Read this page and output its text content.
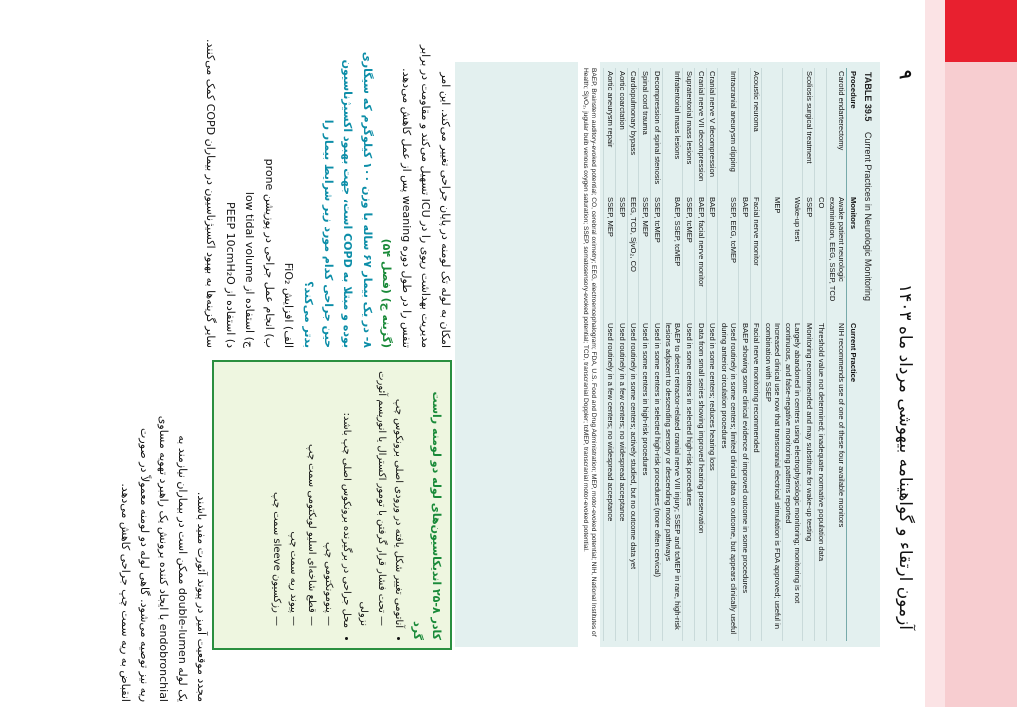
آزمون ارتقاء و گواهینامه بیهوشی مرداد ماه ۱۴۰۳
۹
TABLE 39.5 Current Practices in Neurologic Monitoring
Procedure	Monitors	Current Practice
Carotid endarterectomy	Awake patient neurologic examination, EEG, SSEP, TCD	NIH recommends use of one of these four available monitors
	CO	Threshold value not determined; inadequate normative population data
Scoliosis surgical treatment	SSEP	Monitoring recommended and may substitute for wake-up testing
	Wake-up test	Largely abandoned in centers using electrophysiologic monitoring; monitoring is not continuous, and false-negative monitoring patterns reported
	MEP	Increased clinical use now that transcranial electrical stimulation is FDA approved; useful in combination with SSEP
Acoustic neuroma	Facial nerve monitor	Facial nerve monitoring recommended
	BAEP	BAEP showing some clinical evidence of improved outcome in some procedures
Intracranial aneurysm clipping	SSEP, EEG, tcMEP	Used routinely in some centers; limited clinical data on outcome, but appears clinically useful during anterior circulation procedures
Cranial nerve V decompression	BAEP	Used in some centers; reduces hearing loss
Cranial nerve VII decompression	BAEP, facial nerve monitor	Data from small series showing improved hearing preservation
Supratentorial mass lesions	SSEP, tcMEP	Used in some centers in selected high-risk procedures
Infratentorial mass lesions	BAEP, SSEP, tcMEP	BAEP to detect retractor-related cranial nerve VIII injury; SSEP and tcMEP in rare, high-risk lesions adjacent to descending sensory or descending motor pathways
Decompression of spinal stenosis	SSEP, tcMEP	Used in some centers in selected high-risk procedures (more often cervical)
Spinal cord trauma	SSEP, MEP	Used in some centers in high-risk procedures
Cardiopulmonary bypass	EEG, TCD, SjvO₂, CO	Used routinely in some centers; actively studied, but no outcome data yet
Aortic coarctation	SSEP	Used routinely in a few centers; no widespread acceptance
Aortic aneurysm repair	SSEP, MEP	Used routinely in a few centers; no widespread acceptance
BAEP, Brainstem auditory-evoked potential; CO, cerebral oximetry; EEG, electroencephalogram; FDA, U.S. Food and Drug Administration; MEP, motor-evoked potential; NIH, National Institutes of Health; SjvO₂, jugular bulb venous oxygen saturation; SSEP, somatosensory-evoked potential; TCD, transcranial Doppler; tcMEP, transcranial motor-evoked potential.
کادر ۸-۲۵ اندیکاسیون‌های لوله دو لومنه راست گرد
• آناتومی تغییر شکل یافته در ورودی اصلی برونکوس چپ
— تحت فشار قرار گرفتن با تومور اکسترال یا انوریسم آئورت نزولی
• محل جراحی در برگیرنده برونکوس اصلی چپ باشد:
— پنومونکتومی چپ
— قطع شاخه‌ای اسلیو لوبکتومی سمت چپ
— پیوند ریه سمت چپ
— رزکسیون sleeve سمت چپ
مجدد موقعیت آمیز در پیوند آئورت مفید باشند.
یک لوله double-lumen ممکن است در بیماران نیازمند به
endobronchial با ایجاد کننده برونش یک راهبرد تهویه مساوی
ریه نیز توصیه می‌شود. گاهی لوله دو لومنه معمولاً در صورت
انقباض به ریه سمت چپ جراحی کاهش می‌دهد.
امکان به لوله تک لومنه در پایان جراحی تغییر می‌کند. این امر
مدیریت بهداشت ریوی را در ICU تسهیل می‌کند و مقاومت در برابر
تنفس را در طول دوره weaning پس از عمل کاهش می‌دهد.
(گزینه ج) (فصل ۵۴)
۸- در یک بیمار ۶۷ ساله با وزن ۱۰۰ کیلوگرم که سیگاری
بوده و مبتلا به COPD است، جهت بهبود اکسیژناسیون
حین جراحی کدام مورد زیر شرایط بیمار را
بدتر می‌کند؟
الف) افزایش FiO₂
ب) انجام عمل جراحی در پوزیشن prone
ج) استفاده از low tidal volume
د) استفاده از PEEP 10cmH₂O
سایر گزینه‌ها به بهبود اکسیژناسیون در بیماران COPD کمک می‌کنند.
